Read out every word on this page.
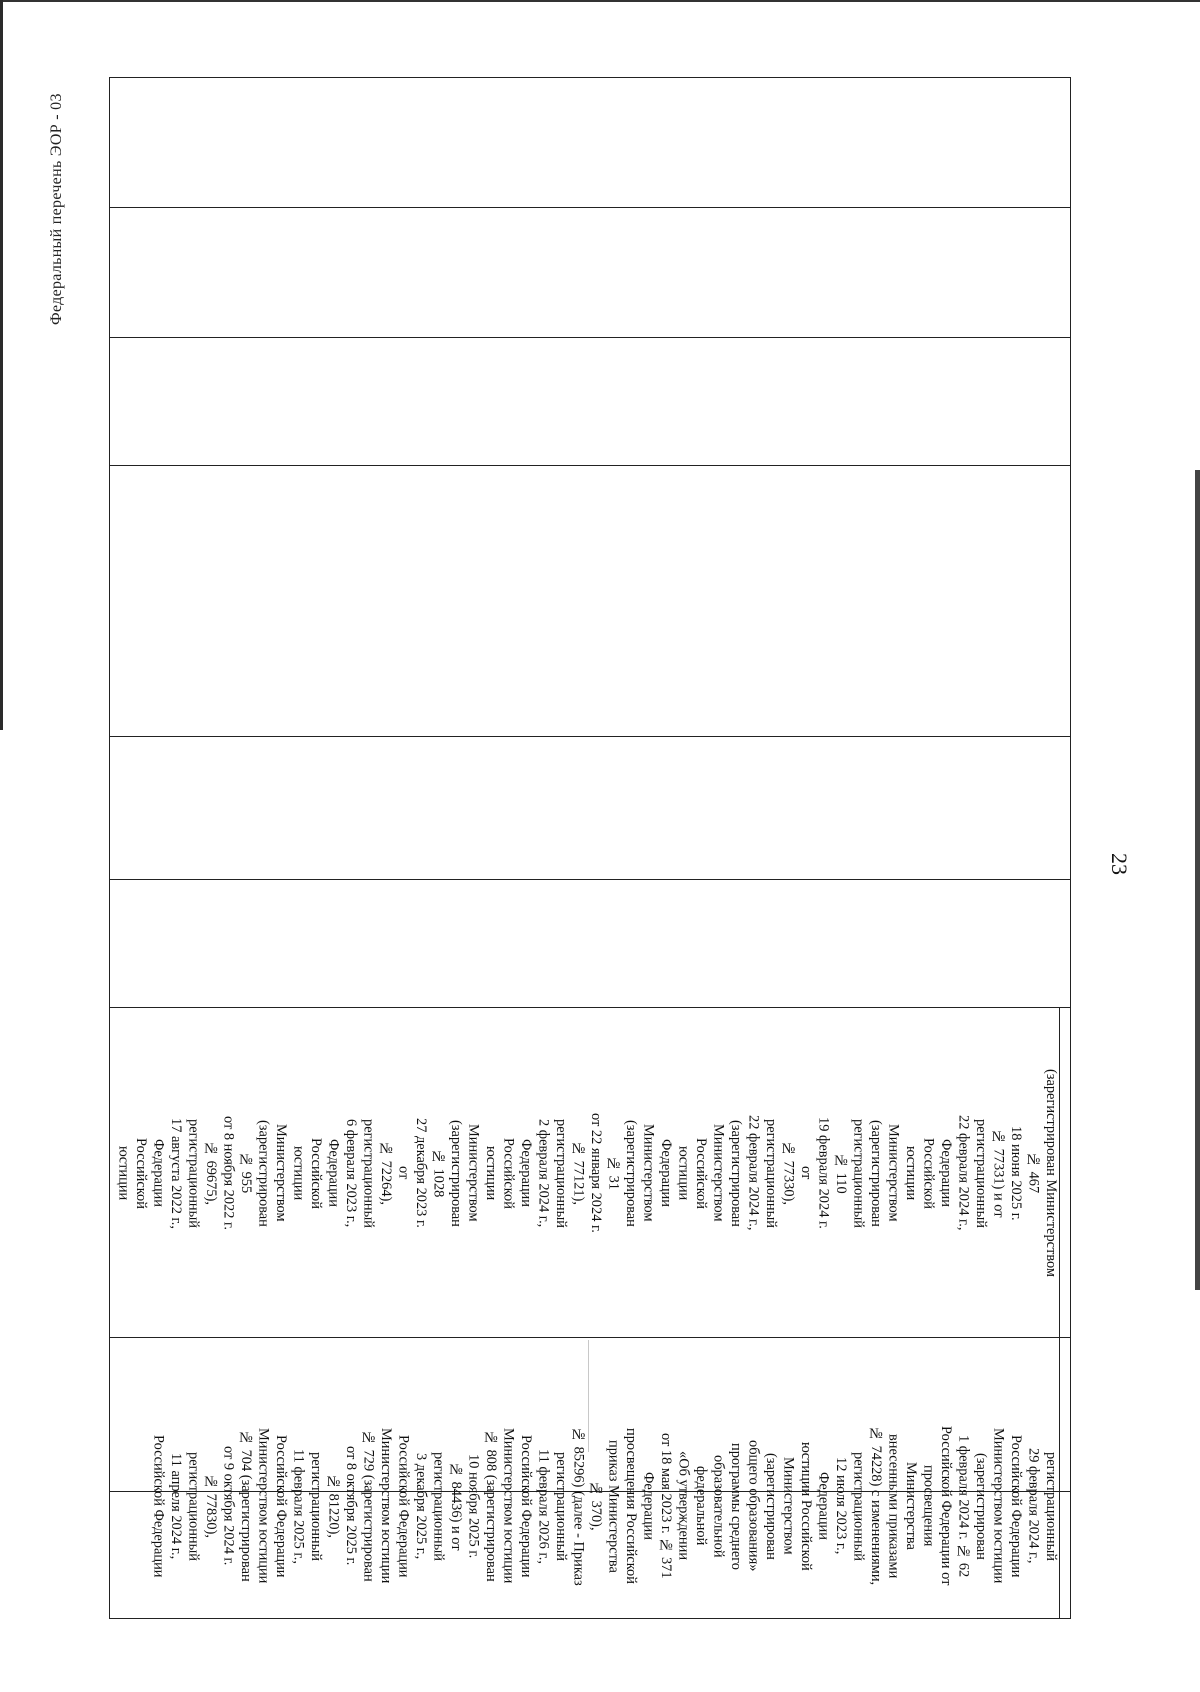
Федеральный перечень ЭОР - 03
23
(зарегистрирован Министерством
№ 467
18 июня 2025 г.
№ 77331) и от
регистрационный
22 февраля 2024 г.,
Федерации
Российской
юстиции
Министерством
(зарегистрирован
регистрационный
№ 110
19 февраля 2024 г.
от
№ 77330),
регистрационный
22 февраля 2024 г.,
(зарегистрирован
Министерством
Российской
юстиции
Федерации
Министерством
(зарегистрирован
№ 31
от 22 января 2024 г.
№ 77121),
регистрационный
2 февраля 2024 г.,
Федерации
Российской
юстиции
Министерством
(зарегистрирован
№ 1028
27 декабря 2023 г.
от
№ 72264),
регистрационный
6 февраля 2023 г.,
Федерации
Российской
юстиции
Министерством
(зарегистрирован
№ 955
от 8 ноября 2022 г.
№ 69675),
регистрационный
17 августа 2022 г.,
Федерации
Российской
юстиции
регистрационный
29 февраля 2024 г.,
Российской Федерации
Министерством юстиции
(зарегистрирован
1 февраля 2024 г. № 62
Российской Федерации от
просвещения
Министерства
внесенными приказами
№ 74228) с изменениями,
регистрационный
12 июля 2023 г.,
Федерации
юстиции Российской
Министерством
(зарегистрирован
общего образования»
программы среднего
образовательной
федеральной
«Об утверждении
от 18 мая 2023 г. № 371
Федерации
просвещения Российской
приказ Министерства
№ 370),
№ 85296) (далее - Приказ
регистрационный
11 февраля 2026 г.,
Российской Федерации
Министерством юстиции
№ 808 (зарегистрирован
10 ноября 2025 г.
№ 84436) и от
регистрационный
3 декабря 2025 г.,
Российской Федерации
Министерством юстиции
№ 729 (зарегистрирован
от 8 октября 2025 г.
№ 81220),
регистрационный
11 февраля 2025 г.,
Российской Федерации
Министерством юстиции
№ 704 (зарегистрирован
от 9 октября 2024 г.
№ 77830),
регистрационный
11 апреля 2024 г.,
Российской Федерации
